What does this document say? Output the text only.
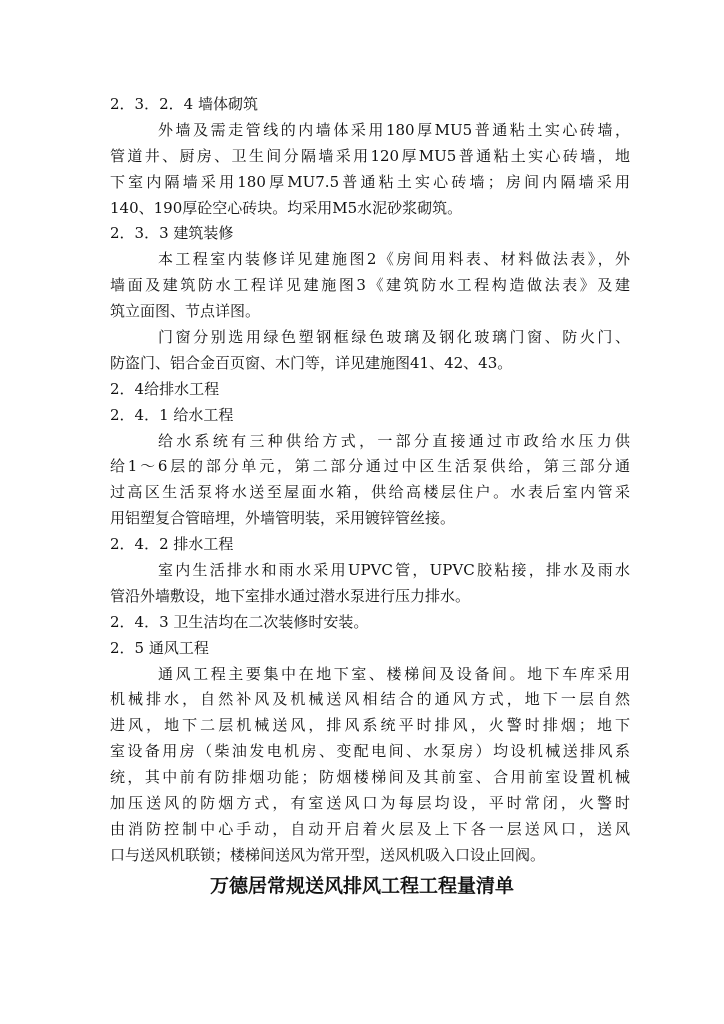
2．3．2．4 墙体砌筑
外墙及需走管线的内墙体采用180厚MU5普通粘土实心砖墙，
管道井、厨房、卫生间分隔墙采用120厚MU5普通粘土实心砖墙，地
下室内隔墙采用180厚MU7.5普通粘土实心砖墙；房间内隔墙采用
140、190厚砼空心砖块。均采用M5水泥砂浆砌筑。
2．3．3 建筑装修
本工程室内装修详见建施图2《房间用料表、材料做法表》，外
墙面及建筑防水工程详见建施图3《建筑防水工程构造做法表》及建
筑立面图、节点详图。
门窗分别选用绿色塑钢框绿色玻璃及钢化玻璃门窗、防火门、
防盗门、铝合金百页窗、木门等，详见建施图41、42、43。
2．4给排水工程
2．4．1 给水工程
给水系统有三种供给方式，一部分直接通过市政给水压力供
给1～6层的部分单元，第二部分通过中区生活泵供给，第三部分通
过高区生活泵将水送至屋面水箱，供给高楼层住户。水表后室内管采
用铝塑复合管暗埋，外墙管明装，采用镀锌管丝接。
2．4．2 排水工程
室内生活排水和雨水采用UPVC管，UPVC胶粘接，排水及雨水
管沿外墙敷设，地下室排水通过潜水泵进行压力排水。
2．4．3 卫生洁均在二次装修时安装。
2．5 通风工程
通风工程主要集中在地下室、楼梯间及设备间。地下车库采用
机械排水，自然补风及机械送风相结合的通风方式，地下一层自然
进风，地下二层机械送风，排风系统平时排风，火警时排烟；地下
室设备用房（柴油发电机房、变配电间、水泵房）均设机械送排风系
统，其中前有防排烟功能；防烟楼梯间及其前室、合用前室设置机械
加压送风的防烟方式，有室送风口为每层均设，平时常闭，火警时
由消防控制中心手动，自动开启着火层及上下各一层送风口，送风
口与送风机联锁；楼梯间送风为常开型，送风机吸入口设止回阀。
万德居常规送风排风工程工程量清单
